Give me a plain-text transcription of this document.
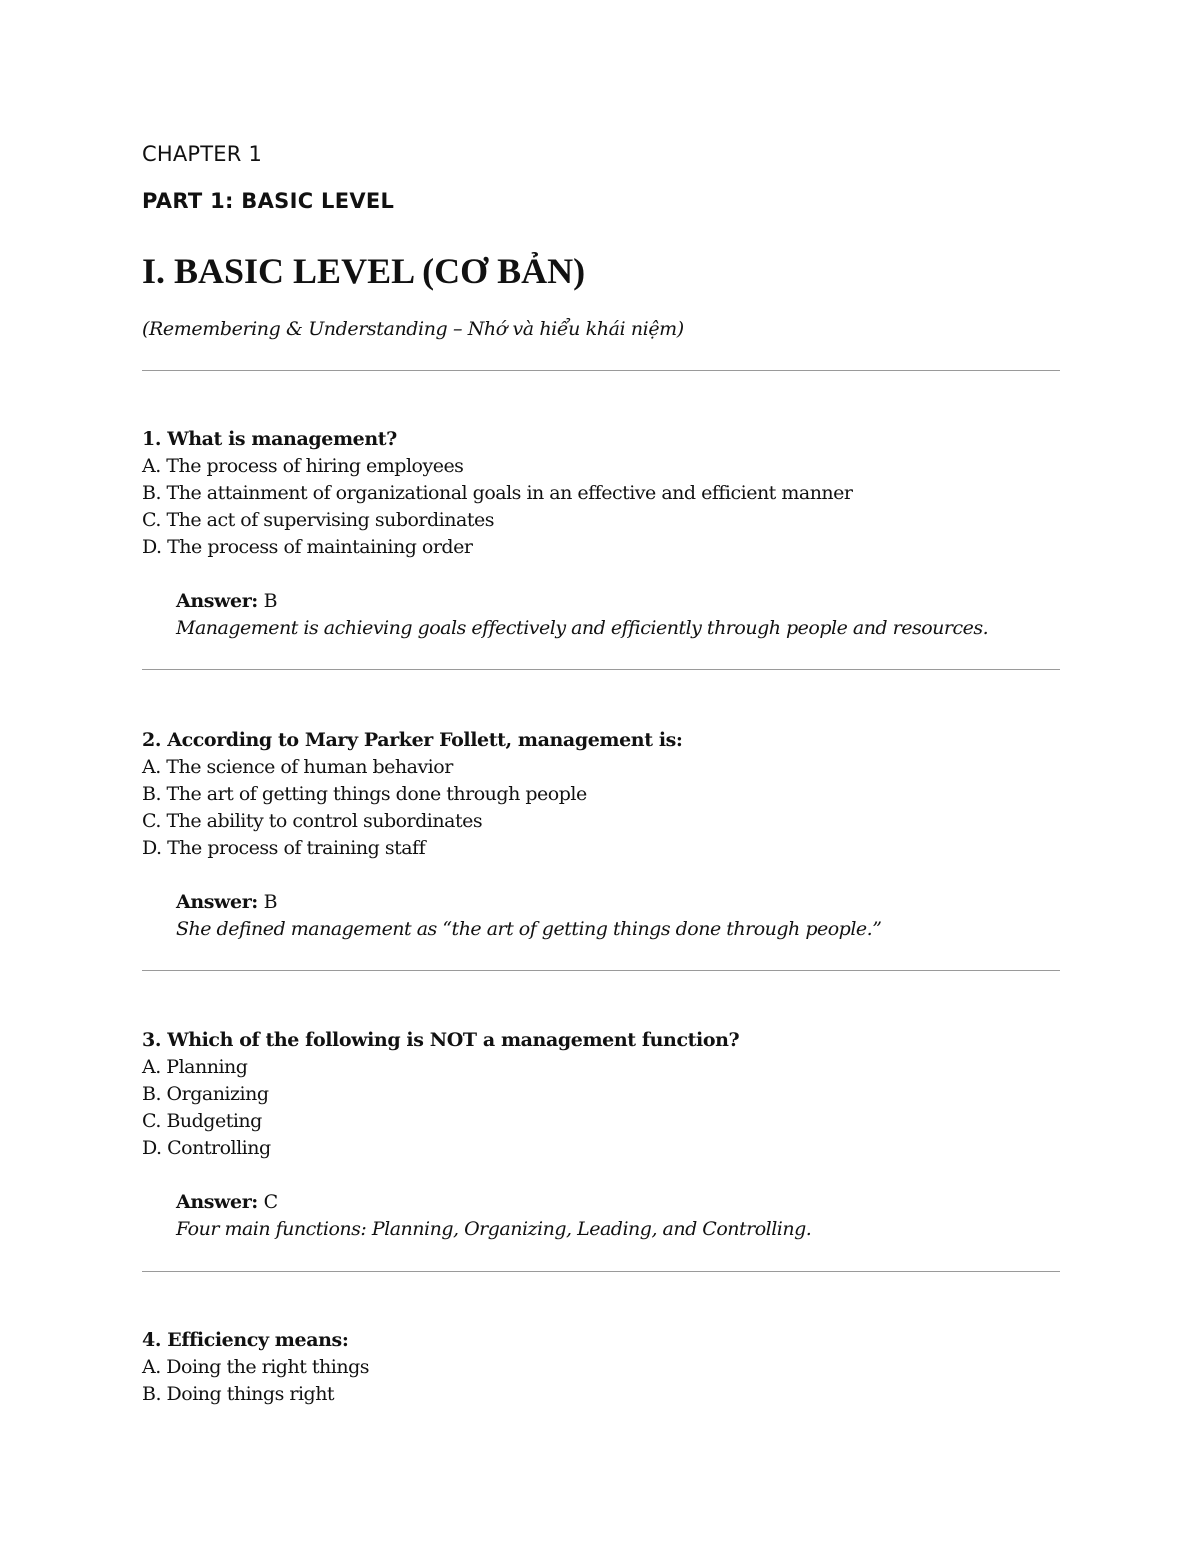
CHAPTER 1
PART 1: BASIC LEVEL
I. BASIC LEVEL (CƠ BẢN)
(Remembering & Understanding – Nhớ và hiểu khái niệm)
1. What is management?
A. The process of hiring employees
B. The attainment of organizational goals in an effective and efficient manner
C. The act of supervising subordinates
D. The process of maintaining order
Answer: B
Management is achieving goals effectively and efficiently through people and resources.
2. According to Mary Parker Follett, management is:
A. The science of human behavior
B. The art of getting things done through people
C. The ability to control subordinates
D. The process of training staff
Answer: B
She defined management as “the art of getting things done through people.”
3. Which of the following is NOT a management function?
A. Planning
B. Organizing
C. Budgeting
D. Controlling
Answer: C
Four main functions: Planning, Organizing, Leading, and Controlling.
4. Efficiency means:
A. Doing the right things
B. Doing things right
